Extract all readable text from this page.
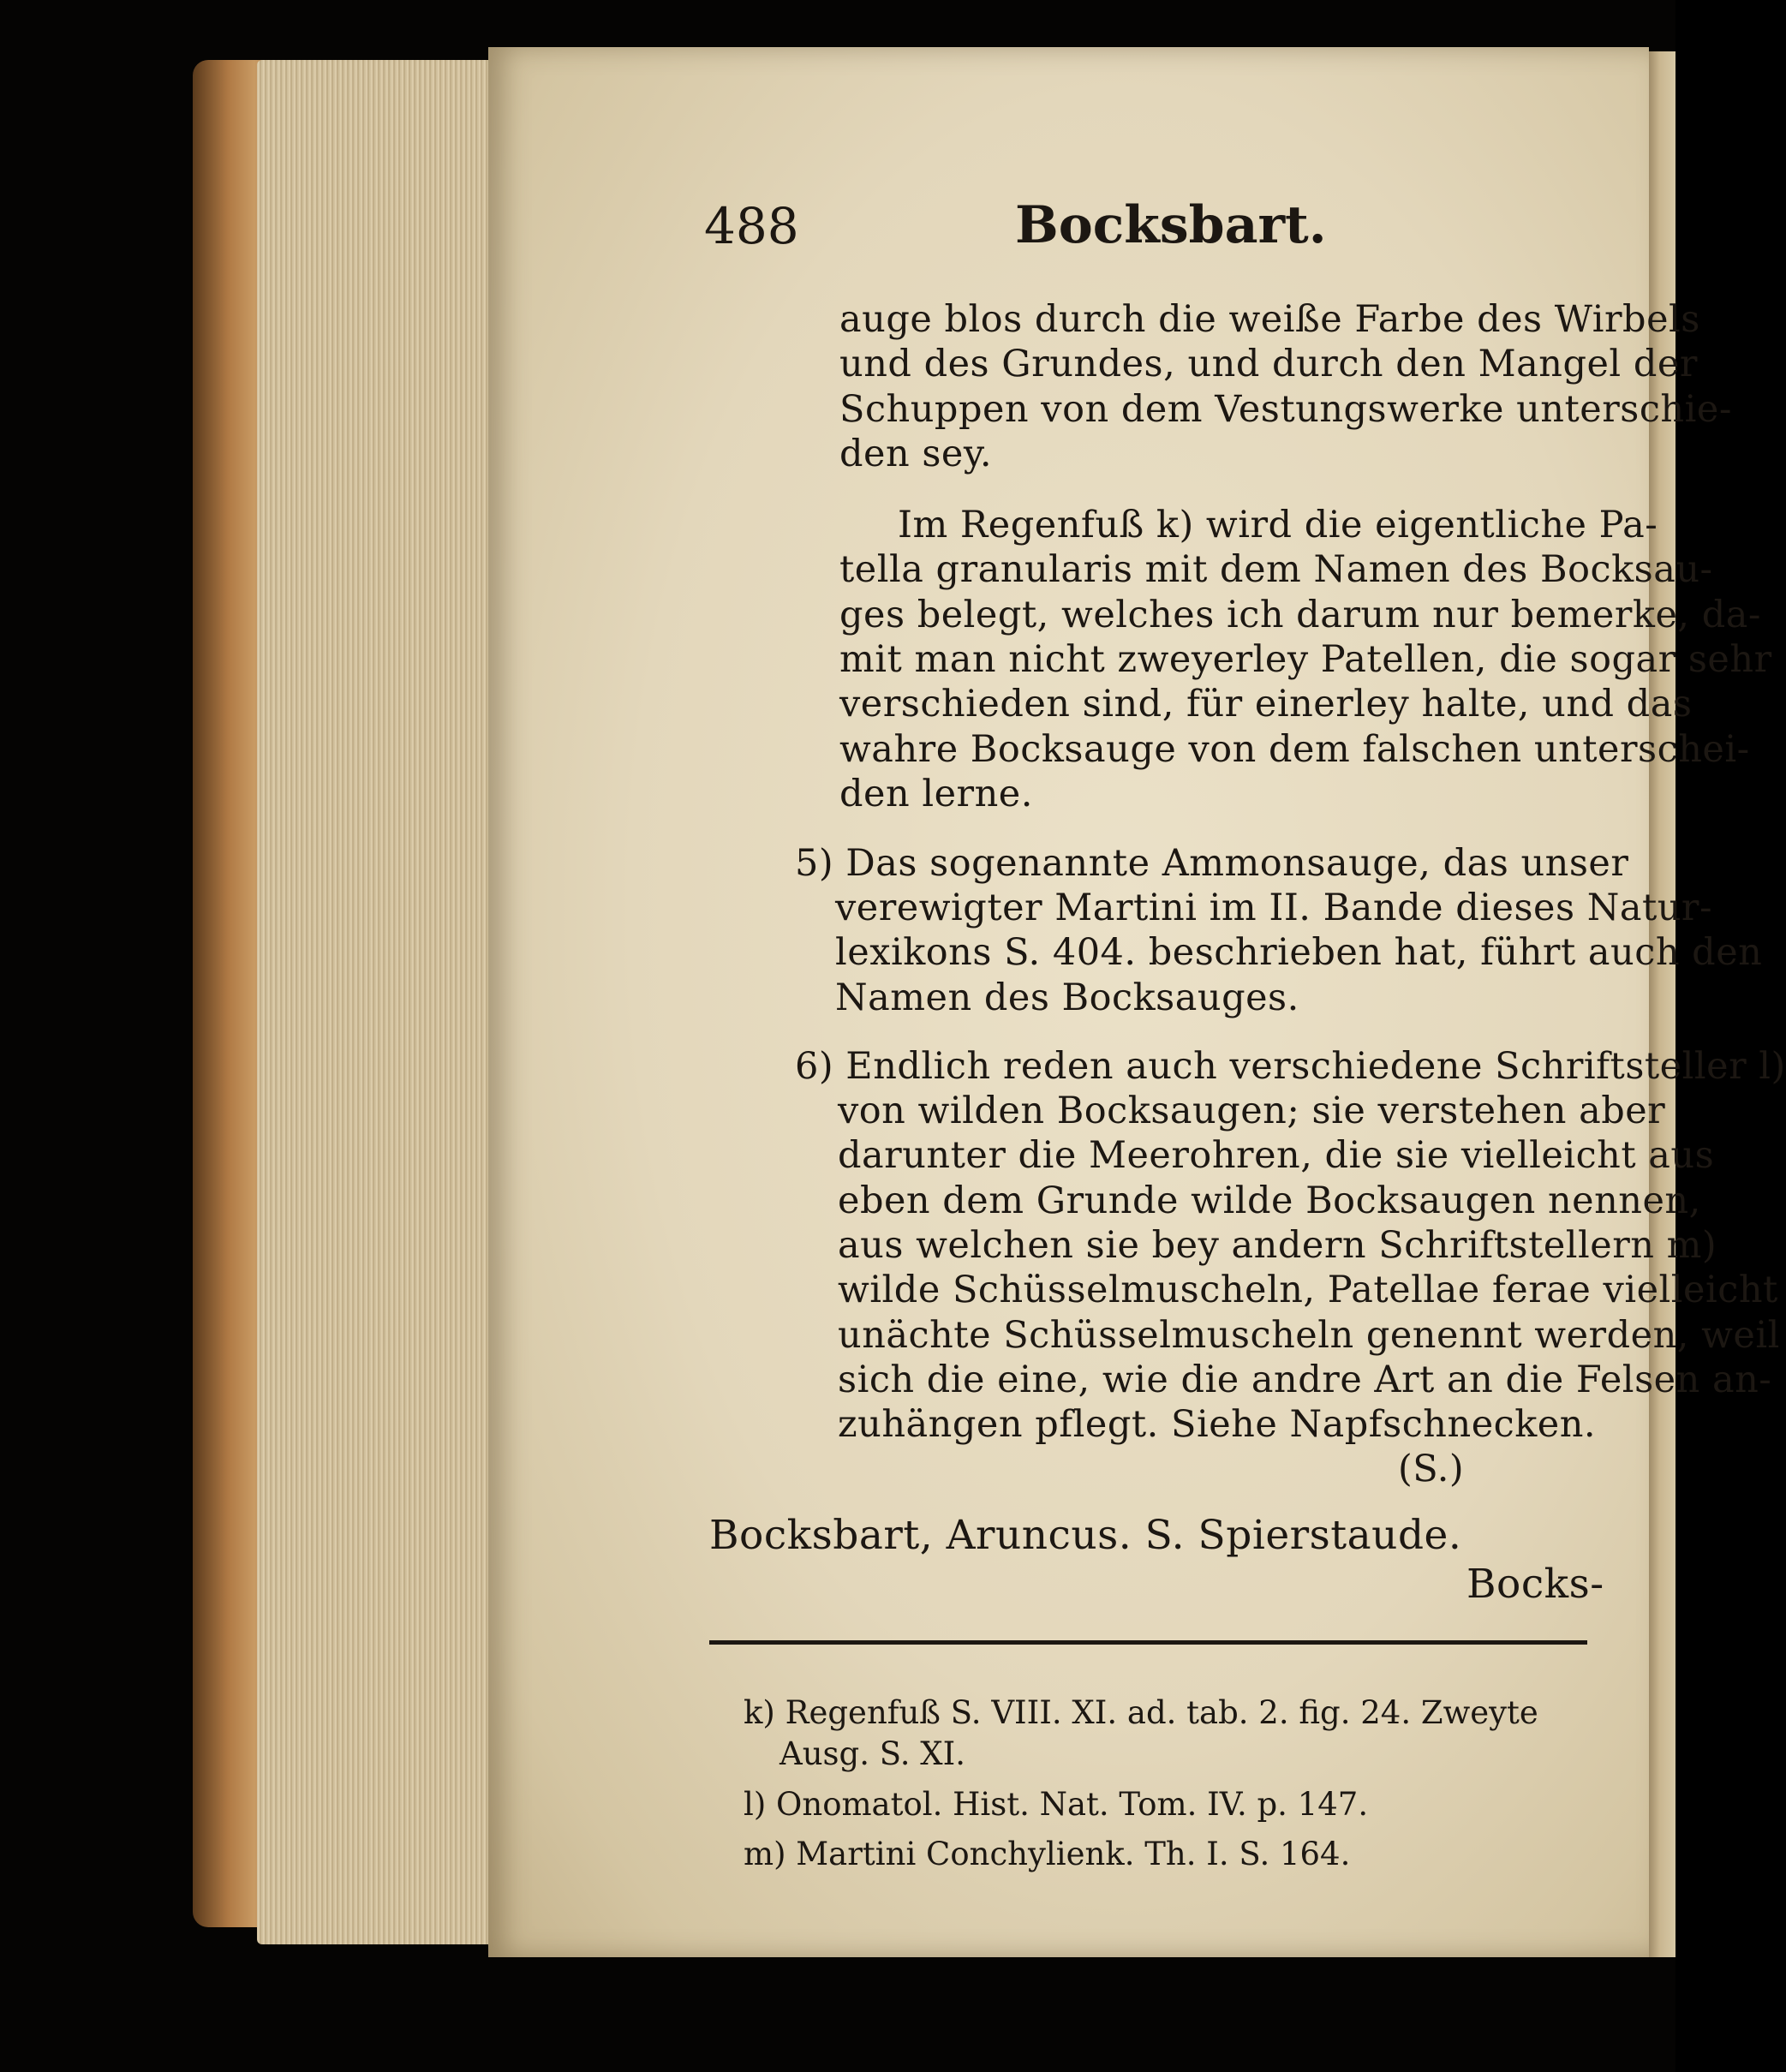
488	Bocksbart.
auge blos durch die weiße Farbe des Wirbels
und des Grundes, und durch den Mangel der
Schuppen von dem Vestungswerke unterschie-
den sey.
Im Regenfuß k) wird die eigentliche Pa-
tella granularis mit dem Namen des Bocksau-
ges belegt, welches ich darum nur bemerke, da-
mit man nicht zweyerley Patellen, die sogar sehr
verschieden sind, für einerley halte, und das
wahre Bocksauge von dem falschen unterschei-
den lerne.
5) Das sogenannte Ammonsauge, das unser
verewigter Martini im II. Bande dieses Natur-
lexikons S. 404. beschrieben hat, führt auch den
Namen des Bocksauges.
6) Endlich reden auch verschiedene Schriftsteller l)
von wilden Bocksaugen; sie verstehen aber
darunter die Meerohren, die sie vielleicht aus
eben dem Grunde wilde Bocksaugen nennen,
aus welchen sie bey andern Schriftstellern m)
wilde Schüsselmuscheln, Patellae ferae vielleicht
unächte Schüsselmuscheln genennt werden, weil
sich die eine, wie die andre Art an die Felsen an-
zuhängen pflegt. Siehe Napfschnecken.
(S.)
Bocksbart, Aruncus. S. Spierstaude.
Bocks-
k) Regenfuß S. VIII. XI. ad. tab. 2. fig. 24. Zweyte
Ausg. S. XI.
l) Onomatol. Hist. Nat. Tom. IV. p. 147.
m) Martini Conchylienk. Th. I. S. 164.
